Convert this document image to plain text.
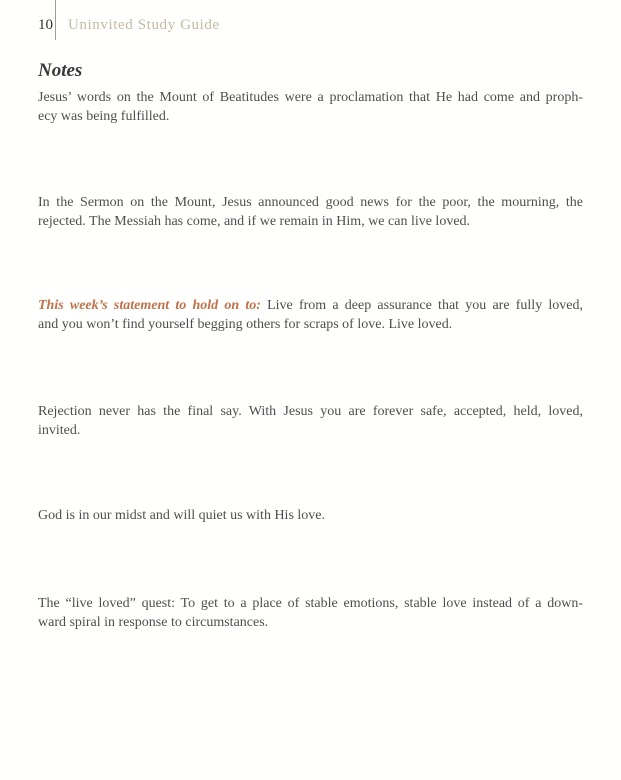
10	Uninvited Study Guide
Notes

Jesus’ words on the Mount of Beatitudes were a proclamation that He had come and proph-
ecy was being fulfilled.

In the Sermon on the Mount, Jesus announced good news for the poor, the mourning, the
rejected. The Messiah has come, and if we remain in Him, we can live loved.

This week’s statement to hold on to: Live from a deep assurance that you are fully loved,
and you won’t find yourself begging others for scraps of love. Live loved.

Rejection never has the final say. With Jesus you are forever safe, accepted, held, loved,
invited.

God is in our midst and will quiet us with His love.

The “live loved” quest: To get to a place of stable emotions, stable love instead of a down-
ward spiral in response to circumstances.
